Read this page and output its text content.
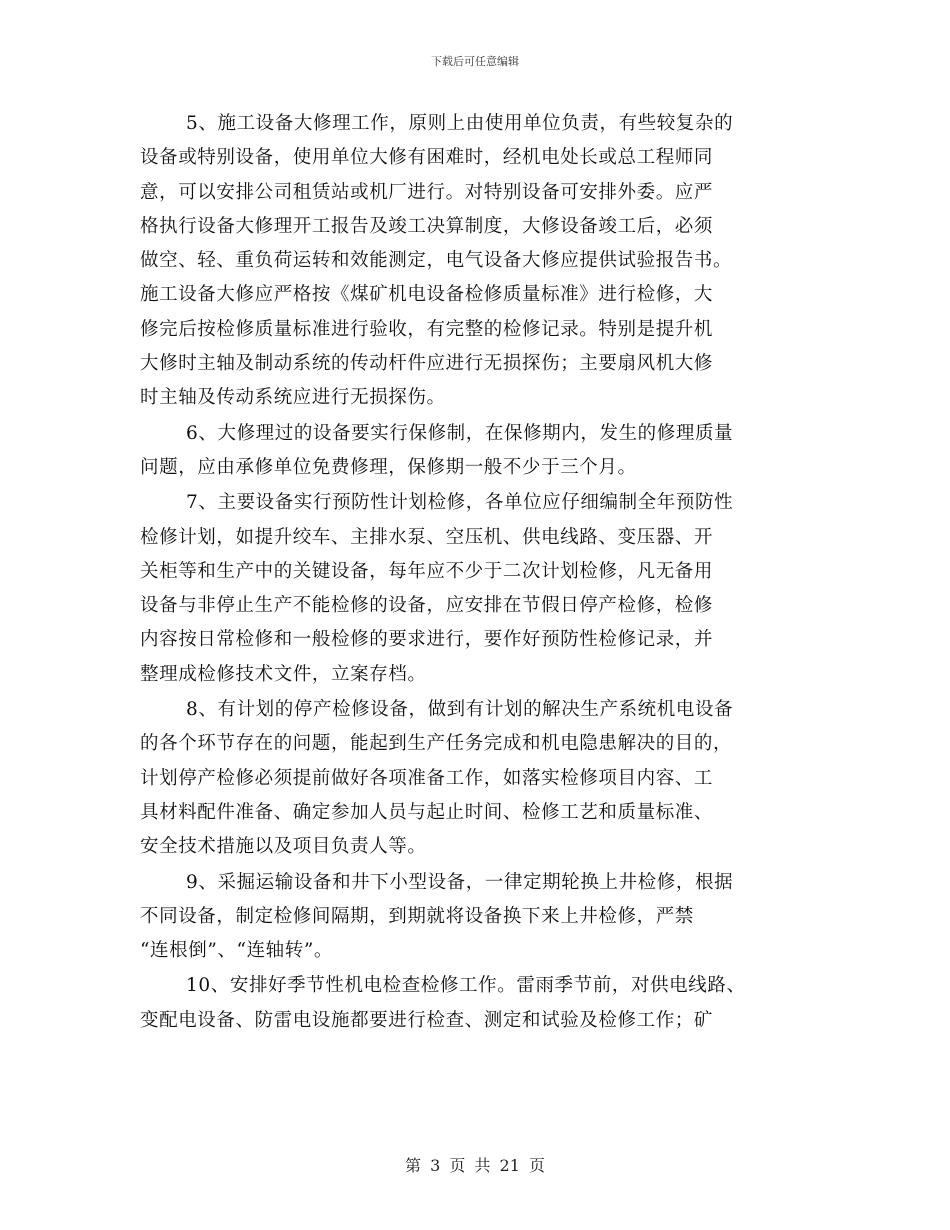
下载后可任意编辑

5、施工设备大修理工作，原则上由使用单位负责，有些较复杂的
设备或特别设备，使用单位大修有困难时，经机电处长或总工程师同
意，可以安排公司租赁站或机厂进行。对特别设备可安排外委。应严
格执行设备大修理开工报告及竣工决算制度，大修设备竣工后，必须
做空、轻、重负荷运转和效能测定，电气设备大修应提供试验报告书。
施工设备大修应严格按《煤矿机电设备检修质量标准》进行检修，大
修完后按检修质量标准进行验收，有完整的检修记录。特别是提升机
大修时主轴及制动系统的传动杆件应进行无损探伤；主要扇风机大修
时主轴及传动系统应进行无损探伤。

6、大修理过的设备要实行保修制，在保修期内，发生的修理质量
问题，应由承修单位免费修理，保修期一般不少于三个月。

7、主要设备实行预防性计划检修，各单位应仔细编制全年预防性
检修计划，如提升绞车、主排水泵、空压机、供电线路、变压器、开
关柜等和生产中的关键设备，每年应不少于二次计划检修，凡无备用
设备与非停止生产不能检修的设备，应安排在节假日停产检修，检修
内容按日常检修和一般检修的要求进行，要作好预防性检修记录，并
整理成检修技术文件，立案存档。

8、有计划的停产检修设备，做到有计划的解决生产系统机电设备
的各个环节存在的问题，能起到生产任务完成和机电隐患解决的目的，
计划停产检修必须提前做好各项准备工作，如落实检修项目内容、工
具材料配件准备、确定参加人员与起止时间、检修工艺和质量标准、
安全技术措施以及项目负责人等。

9、采掘运输设备和井下小型设备，一律定期轮换上井检修，根据
不同设备，制定检修间隔期，到期就将设备换下来上井检修，严禁
“连根倒”、“连轴转”。

10、安排好季节性机电检查检修工作。雷雨季节前，对供电线路、
变配电设备、防雷电设施都要进行检查、测定和试验及检修工作；矿

第 3 页 共 21 页
